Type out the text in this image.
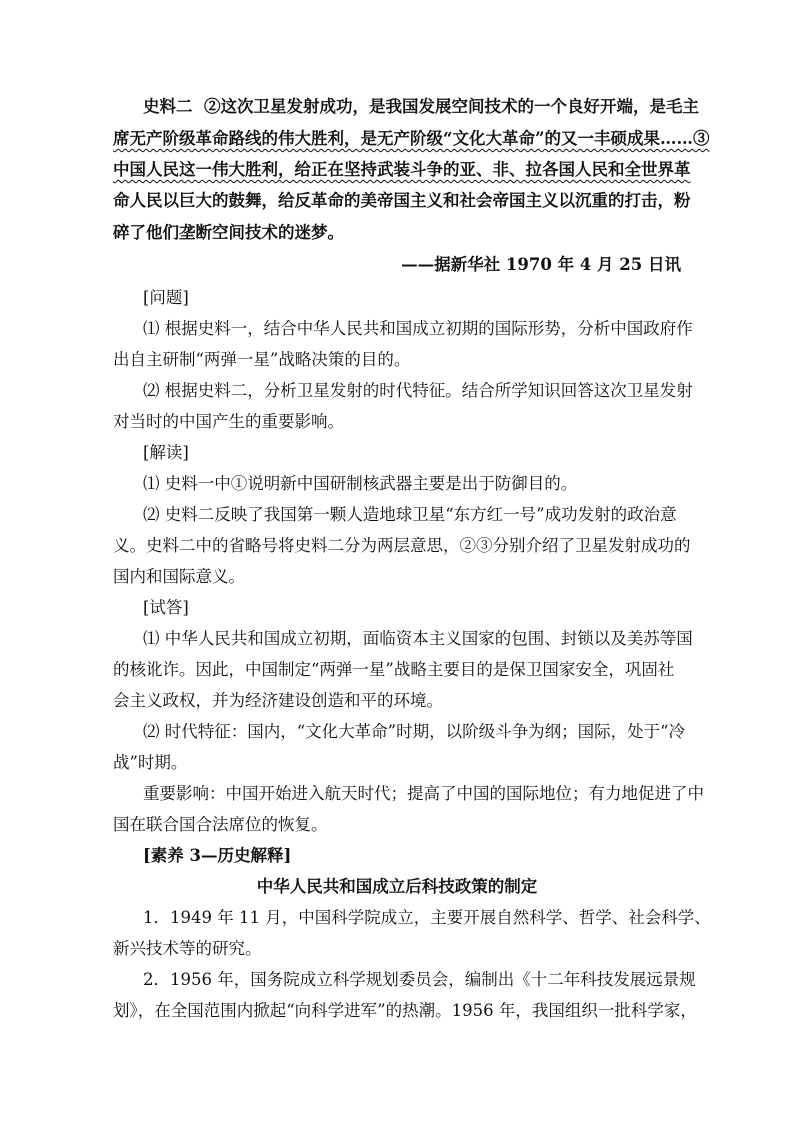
史料二 ②这次卫星发射成功，是我国发展空间技术的一个良好开端，是毛主
席无产阶级革命路线的伟大胜利，是无产阶级“文化大革命”的又一丰硕成果……③
中国人民这一伟大胜利，给正在坚持武装斗争的亚、非、拉各国人民和全世界革
命人民以巨大的鼓舞，给反革命的美帝国主义和社会帝国主义以沉重的打击，粉
碎了他们垄断空间技术的迷梦。
——据新华社 1970 年 4 月 25 日讯
[问题]
⑴ 根据史料一，结合中华人民共和国成立初期的国际形势，分析中国政府作
出自主研制“两弹一星”战略决策的目的。
⑵ 根据史料二，分析卫星发射的时代特征。结合所学知识回答这次卫星发射
对当时的中国产生的重要影响。
[解读]
⑴ 史料一中①说明新中国研制核武器主要是出于防御目的。
⑵ 史料二反映了我国第一颗人造地球卫星“东方红一号”成功发射的政治意
义。史料二中的省略号将史料二分为两层意思，②③分别介绍了卫星发射成功的
国内和国际意义。
[试答]
⑴ 中华人民共和国成立初期，面临资本主义国家的包围、封锁以及美苏等国
的核讹诈。因此，中国制定“两弹一星”战略主要目的是保卫国家安全，巩固社
会主义政权，并为经济建设创造和平的环境。
⑵ 时代特征：国内，“文化大革命”时期，以阶级斗争为纲；国际，处于“冷
战”时期。
重要影响：中国开始进入航天时代；提高了中国的国际地位；有力地促进了中
国在联合国合法席位的恢复。
[素养 3—历史解释]
中华人民共和国成立后科技政策的制定
1．1949 年 11 月，中国科学院成立，主要开展自然科学、哲学、社会科学、
新兴技术等的研究。
2．1956 年，国务院成立科学规划委员会，编制出《十二年科技发展远景规
划》，在全国范围内掀起“向科学进军”的热潮。1956 年，我国组织一批科学家，
